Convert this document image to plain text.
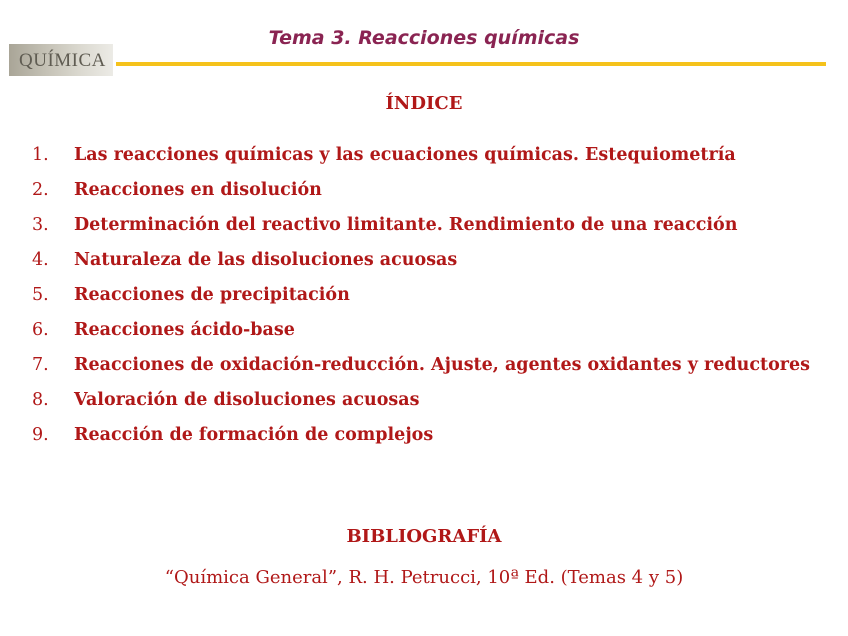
QUÍMICA
Tema 3. Reacciones químicas
ÍNDICE
1.	Las reacciones químicas y las ecuaciones químicas. Estequiometría
2.	Reacciones en disolución
3.	Determinación del reactivo limitante. Rendimiento de una reacción
4.	Naturaleza de las disoluciones acuosas
5.	Reacciones de precipitación
6.	Reacciones ácido-base
7.	Reacciones de oxidación-reducción. Ajuste, agentes oxidantes y reductores
8.	Valoración de disoluciones acuosas
9.	Reacción de formación de complejos
BIBLIOGRAFÍA
“Química General”, R. H. Petrucci, 10ª Ed. (Temas 4 y 5)
